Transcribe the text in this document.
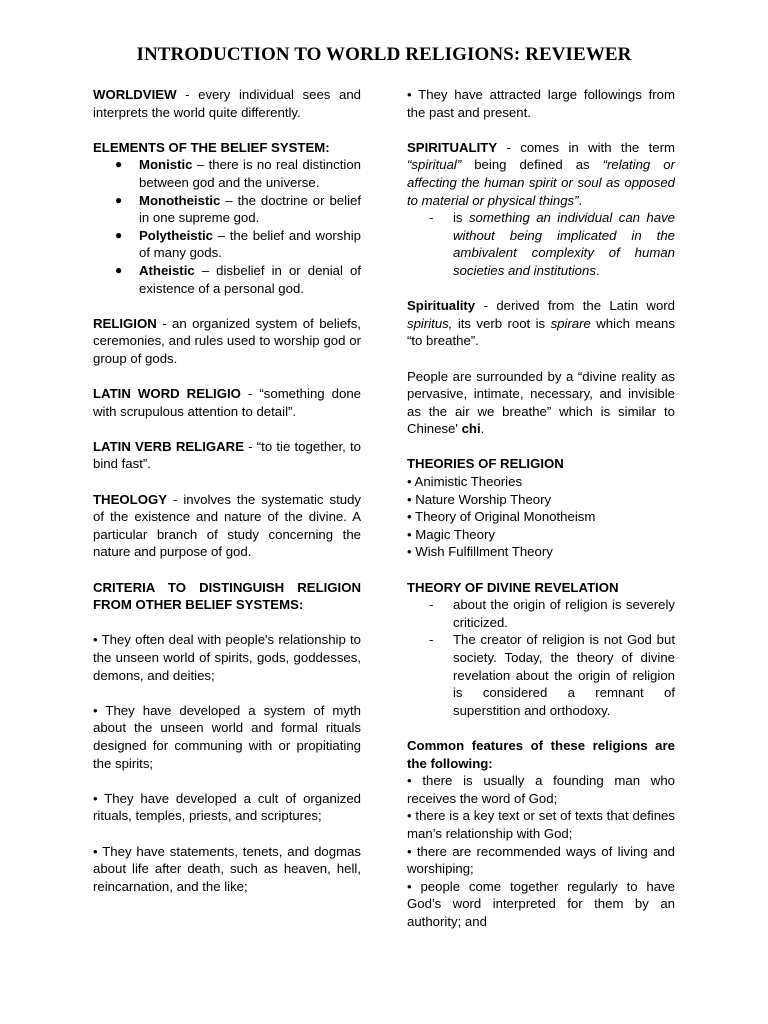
INTRODUCTION TO WORLD RELIGIONS: REVIEWER

WORLDVIEW - every individual sees and interprets the world quite differently.

ELEMENTS OF THE BELIEF SYSTEM:

● Monistic – there is no real distinction between god and the universe.
● Monotheistic – the doctrine or belief in one supreme god.
● Polytheistic – the belief and worship of many gods.
● Atheistic – disbelief in or denial of existence of a personal god.

RELIGION - an organized system of beliefs, ceremonies, and rules used to worship god or group of gods.

LATIN WORD RELIGIO - “something done with scrupulous attention to detail”.

LATIN VERB RELIGARE - “to tie together, to bind fast”.

THEOLOGY - involves the systematic study of the existence and nature of the divine. A particular branch of study concerning the nature and purpose of god.

CRITERIA TO DISTINGUISH RELIGION FROM OTHER BELIEF SYSTEMS:

• They often deal with people's relationship to the unseen world of spirits, gods, goddesses, demons, and deities;

• They have developed a system of myth about the unseen world and formal rituals designed for communing with or propitiating the spirits;

• They have developed a cult of organized rituals, temples, priests, and scriptures;

• They have statements, tenets, and dogmas about life after death, such as heaven, hell, reincarnation, and the like;

• They have attracted large followings from the past and present.

SPIRITUALITY - comes in with the term “spiritual” being defined as “relating or affecting the human spirit or soul as opposed to material or physical things”.

- is something an individual can have without being implicated in the ambivalent complexity of human societies and institutions.

Spirituality - derived from the Latin word spiritus, its verb root is spirare which means “to breathe”.

People are surrounded by a “divine reality as pervasive, intimate, necessary, and invisible as the air we breathe” which is similar to Chinese' chi.

THEORIES OF RELIGION

• Animistic Theories

• Nature Worship Theory

• Theory of Original Monotheism

• Magic Theory

• Wish Fulfillment Theory

THEORY OF DIVINE REVELATION

- about the origin of religion is severely criticized.
- The creator of religion is not God but society. Today, the theory of divine revelation about the origin of religion is considered a remnant of superstition and orthodoxy.

Common features of these religions are the following:

• there is usually a founding man who receives the word of God;

• there is a key text or set of texts that defines man’s relationship with God;

• there are recommended ways of living and worshiping;

• people come together regularly to have God’s word interpreted for them by an authority; and
